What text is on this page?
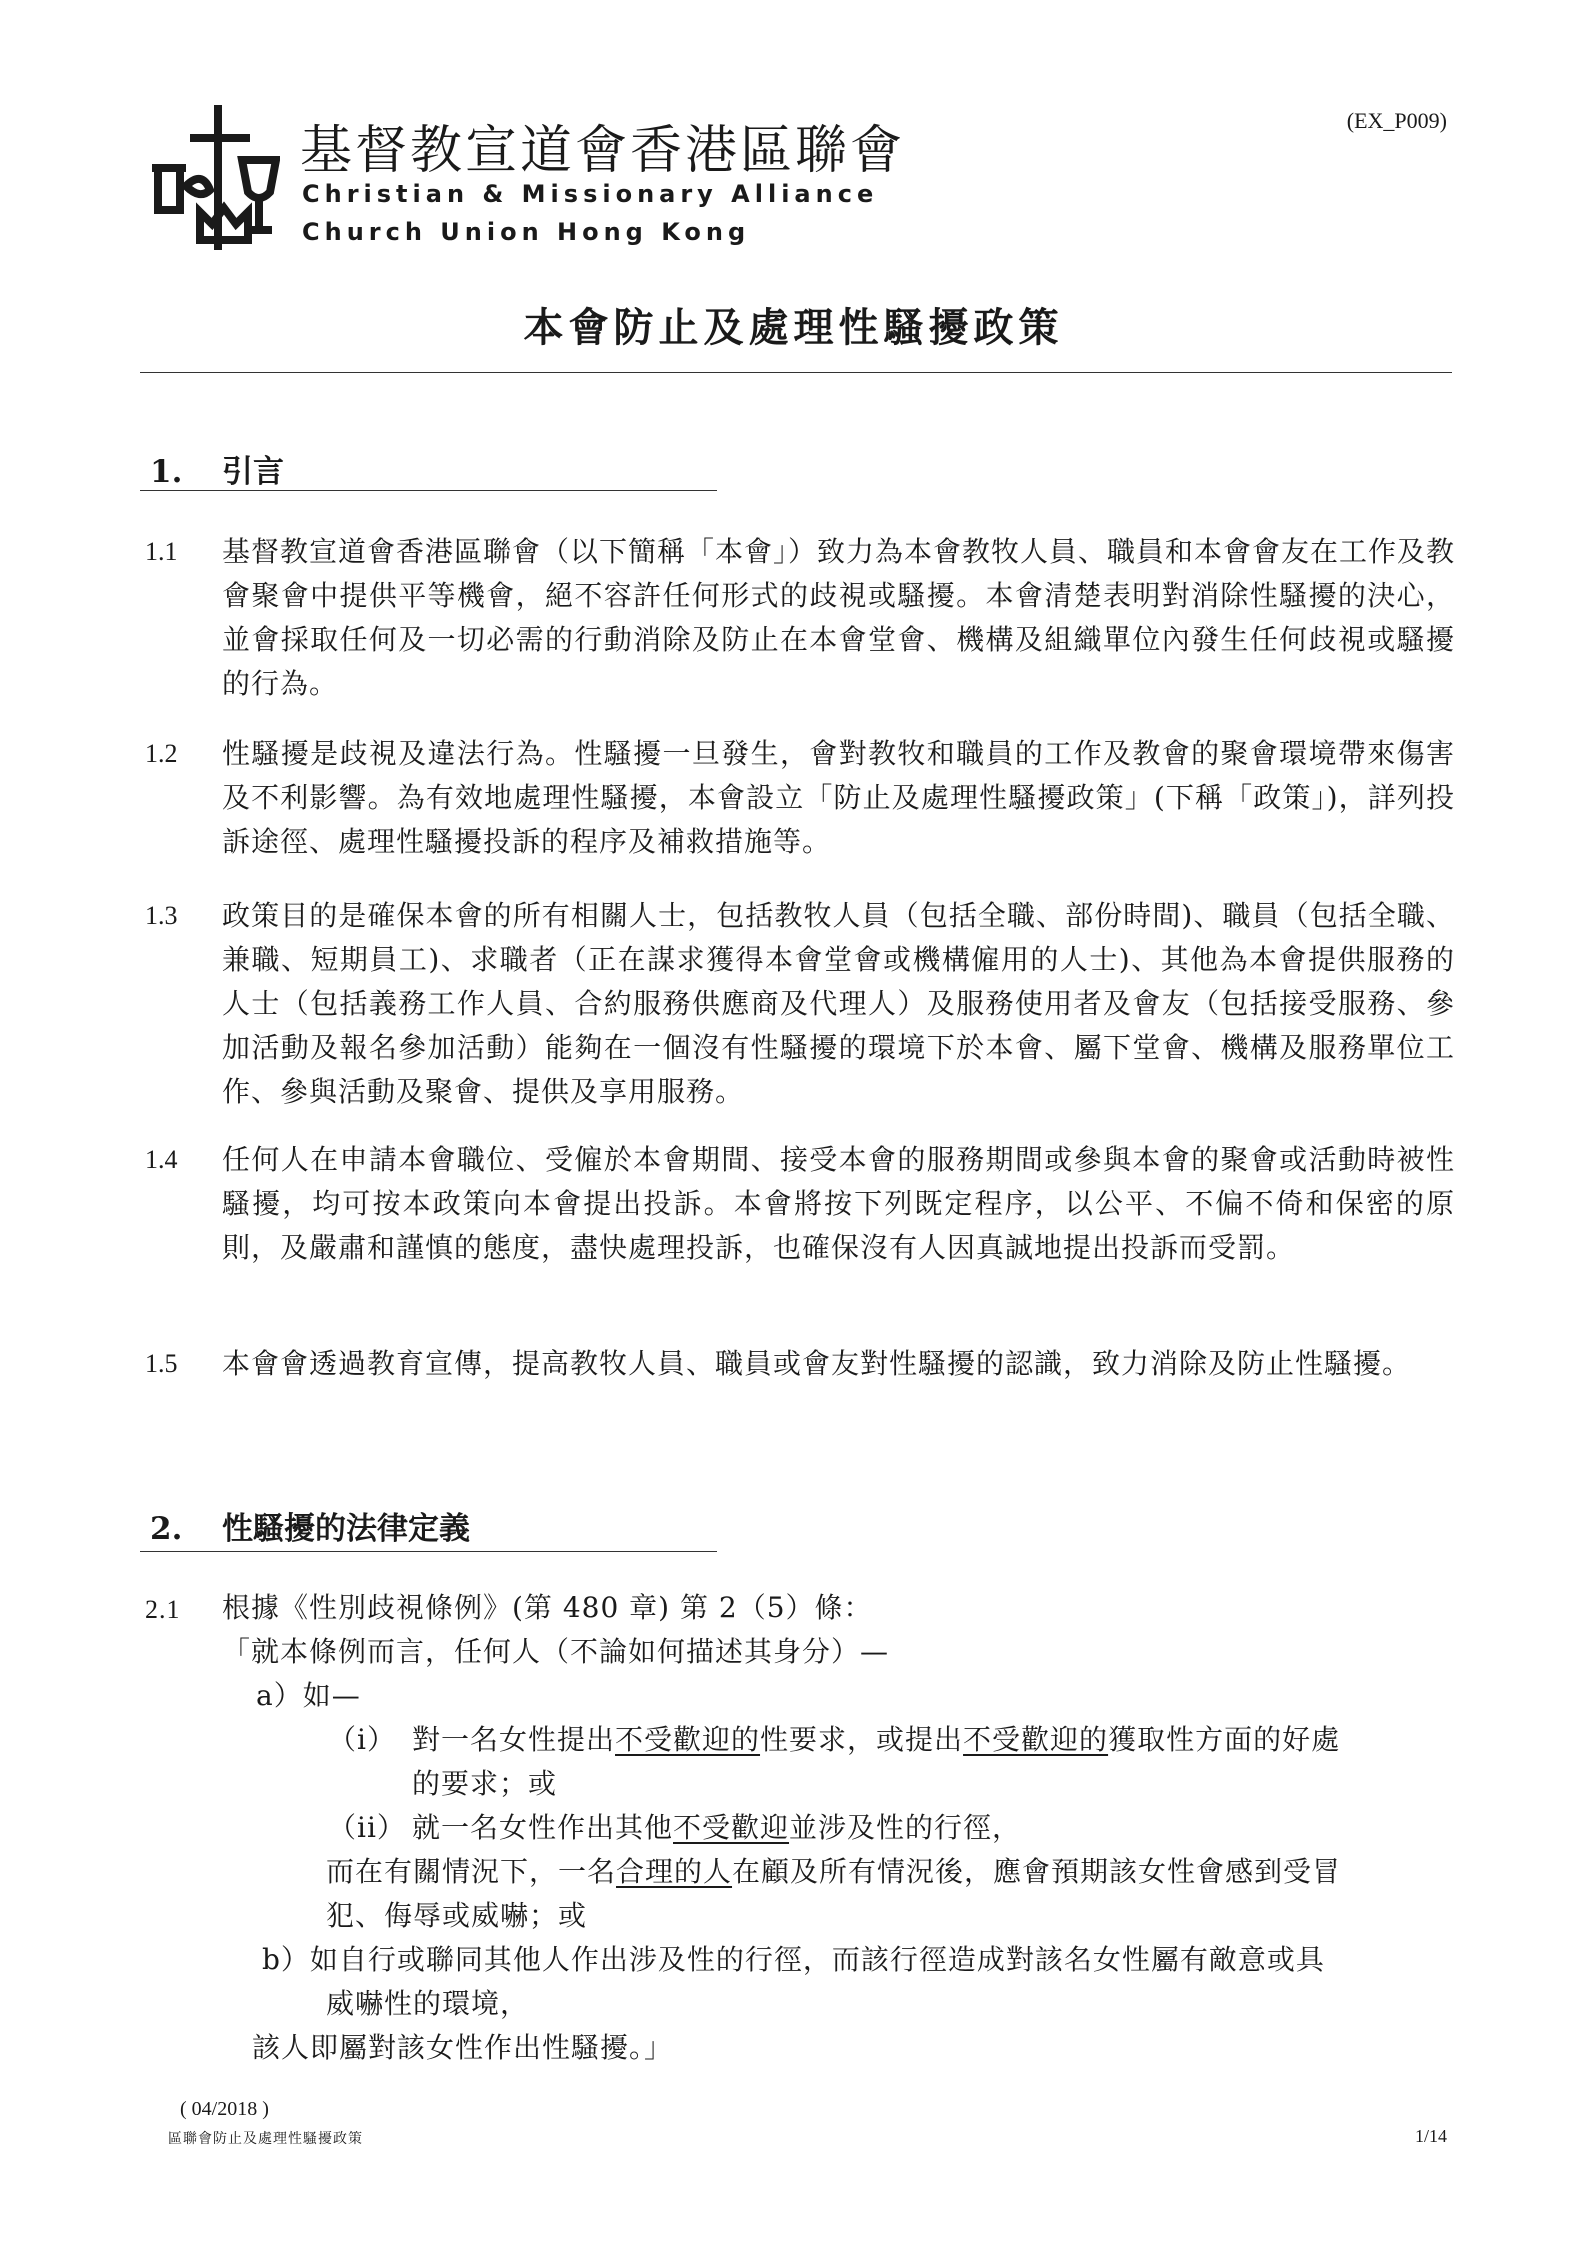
基督教宣道會香港區聯會
Christian & Missionary Alliance
Church Union Hong Kong
(EX_P009)
本會防止及處理性騷擾政策
1. 引言
1.1 基督教宣道會香港區聯會（以下簡稱「本會」）致力為本會教牧人員、職員和本會會友在工作及教會聚會中提供平等機會，絕不容許任何形式的歧視或騷擾。本會清楚表明對消除性騷擾的決心，並會採取任何及一切必需的行動消除及防止在本會堂會、機構及組織單位內發生任何歧視或騷擾的行為。
1.2 性騷擾是歧視及違法行為。性騷擾一旦發生，會對教牧和職員的工作及教會的聚會環境帶來傷害及不利影響。為有效地處理性騷擾，本會設立「防止及處理性騷擾政策」(下稱「政策」)，詳列投訴途徑、處理性騷擾投訴的程序及補救措施等。
1.3 政策目的是確保本會的所有相關人士，包括教牧人員（包括全職、部份時間)、職員（包括全職、兼職、短期員工)、求職者（正在謀求獲得本會堂會或機構僱用的人士)、其他為本會提供服務的人士（包括義務工作人員、合約服務供應商及代理人）及服務使用者及會友（包括接受服務、參加活動及報名參加活動）能夠在一個沒有性騷擾的環境下於本會、屬下堂會、機構及服務單位工作、參與活動及聚會、提供及享用服務。
1.4 任何人在申請本會職位、受僱於本會期間、接受本會的服務期間或參與本會的聚會或活動時被性騷擾，均可按本政策向本會提出投訴。本會將按下列既定程序，以公平、不偏不倚和保密的原則，及嚴肅和謹慎的態度，盡快處理投訴，也確保沒有人因真誠地提出投訴而受罰。
1.5 本會會透過教育宣傳，提高教牧人員、職員或會友對性騷擾的認識，致力消除及防止性騷擾。
2. 性騷擾的法律定義
2.1 根據《性別歧視條例》(第 480 章) 第 2（5）條：
「就本條例而言，任何人（不論如何描述其身分）—
a）如—
（i） 對一名女性提出不受歡迎的性要求，或提出不受歡迎的獲取性方面的好處
的要求；或
（ii） 就一名女性作出其他不受歡迎並涉及性的行徑，
而在有關情況下，一名合理的人在顧及所有情況後，應會預期該女性會感到受冒
犯、侮辱或威嚇；或
b）如自行或聯同其他人作出涉及性的行徑，而該行徑造成對該名女性屬有敵意或具
威嚇性的環境，
該人即屬對該女性作出性騷擾。」
( 04/2018 )
區聯會防止及處理性騷擾政策	1/14
